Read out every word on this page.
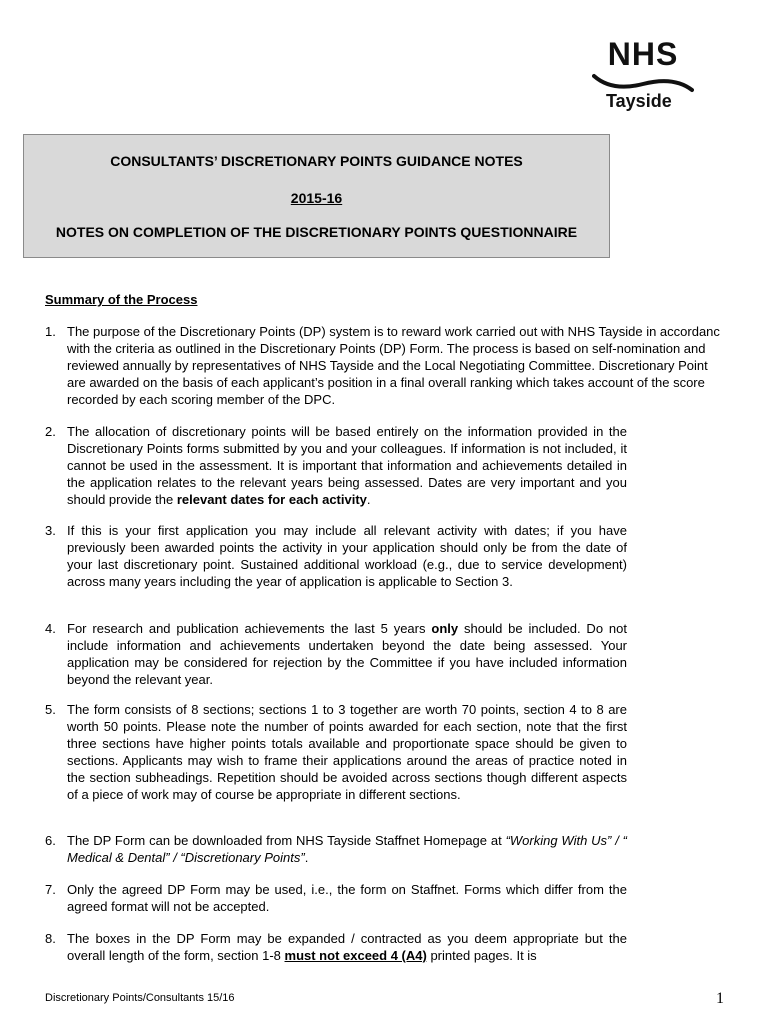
NHS
Tayside
CONSULTANTS’ DISCRETIONARY POINTS GUIDANCE NOTES
2015-16
NOTES ON COMPLETION OF THE DISCRETIONARY POINTS QUESTIONNAIRE
Summary of the Process
1. The purpose of the Discretionary Points (DP) system is to reward work carried out with NHS Tayside in accordanc
with the criteria as outlined in the Discretionary Points (DP) Form. The process is based on self-nomination and
reviewed annually by representatives of NHS Tayside and the Local Negotiating Committee. Discretionary Point
are awarded on the basis of each applicant’s position in a final overall ranking which takes account of the score
recorded by each scoring member of the DPC.
2. The allocation of discretionary points will be based entirely on the information provided in the Discretionary Points forms submitted by you and your colleagues. If information is not included, it cannot be used in the assessment. It is important that information and achievements detailed in the application relates to the relevant years being assessed. Dates are very important and you should provide the relevant dates for each activity.
3. If this is your first application you may include all relevant activity with dates; if you have previously been awarded points the activity in your application should only be from the date of your last discretionary point. Sustained additional workload (e.g., due to service development) across many years including the year of application is applicable to Section 3.
4. For research and publication achievements the last 5 years only should be included. Do not include information and achievements undertaken beyond the date being assessed. Your application may be considered for rejection by the Committee if you have included information beyond the relevant year.
5. The form consists of 8 sections; sections 1 to 3 together are worth 70 points, section 4 to 8 are worth 50 points. Please note the number of points awarded for each section, note that the first three sections have higher points totals available and proportionate space should be given to sections. Applicants may wish to frame their applications around the areas of practice noted in the section subheadings. Repetition should be avoided across sections though different aspects of a piece of work may of course be appropriate in different sections.
6. The DP Form can be downloaded from NHS Tayside Staffnet Homepage at “Working With Us” / “ Medical & Dental” / “Discretionary Points”.
7. Only the agreed DP Form may be used, i.e., the form on Staffnet. Forms which differ from the agreed format will not be accepted.
8. The boxes in the DP Form may be expanded / contracted as you deem appropriate but the overall length of the form, section 1-8 must not exceed 4 (A4) printed pages. It is
Discretionary Points/Consultants 15/16	1
